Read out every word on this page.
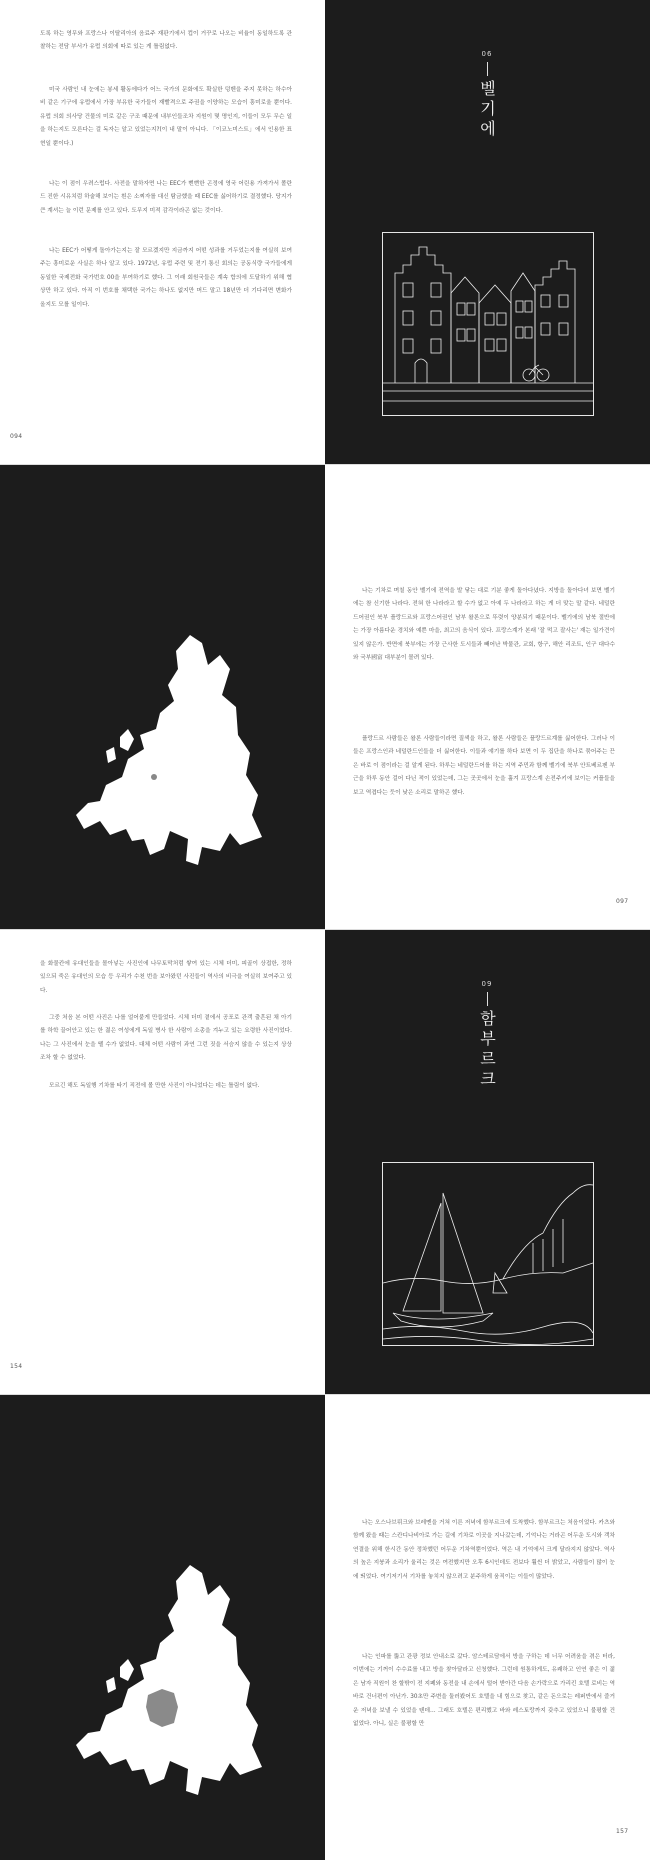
도록 하는 영무와 프랑스나 이탈리아의 음료주 재판기에서 컵이 거꾸로 나오는 비율이 동일하도록 관찰하는 전담 부서가 유럽 의회에 따로 있는 게 틀림없다.
미국 사람인 내 눈에는 봉세 활동에다가 어느 국가의 문화에도 확실한 덩벤을 주지 못하는 하수아비 같은 기구에 유럽에서 가장 부유한 국가들이 재빨격으로 주권을 이양하는 모습이 흥미로울 뿐이다. 유럽 의회 의사당 건물의 미로 같은 구조 때문에 내부인들조차 지원이 몇 명인지, 이들이 모두 무슨 일을 하는지도 모른다는 걸 독자는 알고 있었는지?(이 내 말이 아니다. 「이코노미스트」에서 인용한 표현일 뿐이다.)
나는 이 점이 우려스럽다. 사전을 말하자면 나는 EEC가 뻔뻔한 곤정에 영국 어린용 가져가서 폴란드 진한 시유치럼 하술해 보이는 흰은 소찌자를 대신 탐금했을 때 EEC를 싫어하기로 결정했다. 당지가 큰 계셔는 늘 이런 문제를 안고 있다. 도무지 미적 감각이라곤 없는 것이다.
나는 EEC가 어떻게 돌아가는지는 잘 모르겠지만 지금까지 어떤 성과를 거두었는지를 여실히 보여주는 흥미로운 사실은 하나 알고 있다. 1972년, 유럽 주련 및 전기 통신 회의는 공동식량 국가들에게 동일한 국제전화 국가번호 00을 부여하기로 했다. 그 이래 회원국들은 계속 합의에 도달하기 위해 협상만 하고 있다. 아직 이 번호를 채택한 국가는 하나도 없지만 머드 말고 18년만 더 기다리면 변화가 올지도 모를 일이다.
094
06
벨기에
나는 기차로 며칠 동안 벨기에 전역을 발 닿는 대로 기분 좋게 돌아다녔다. 지방을 돌아다녀 보면 벨기에는 참 신기한 나라다. 전혀 한 나라라고 할 수가 없고 아예 두 나라라고 하는 게 더 맞는 말 같다. 네덜란드어권인 북부 플랑드르와 프랑스어권인 남부 왈론으로 뚜렷이 양분되기 때문이다. 벨기에의 남북 절반에는 가장 아름다운 경치와 예쁜 마을, 최고의 음식이 있다. 프랑스계가 본래 '잘 먹고 잘사는' 재는 일가견이 있지 않은가. 반면에 북부에는 가장 근사한 도시들과 빼어난 박물관, 교회, 항구, 해안 리조트, 인구 대다수와 국부國富 대부분이 몰려 있다.
플랑드르 사람들은 왈론 사람들이라면 질색을 하고, 왈론 사람들은 플랑드르계를 싫어한다. 그러나 이들은 프랑스인과 네덜란드인들을 더 싫어한다. 이들과 얘기를 하다 보면 이 두 집단을 하나로 묶어주는 끈은 바로 이 점이라는 걸 알게 된다. 하루는 네덜란드어를 하는 지역 주민과 함께 벨기에 북부 안트베르펜 부근을 하루 동안 걸어 다닌 적이 있었는데, 그는 곳곳에서 눈을 흘겨 프랑스계 손전주키에 보이는 커플들을 보고 역겹다는 듯이 낮은 소리로 말하곤 했다.
097
을 화물칸에 유대인들을 몰아넣는 사진인에 나무토막처럼 쌓여 있는 시체 더미, 피골이 상접한, 정하 있으되 죽은 유대인의 모습 등 우리가 수천 번을 보아왔던 사진들이 역사의 비극을 여실히 보여주고 있다.
그중 처음 본 어떤 사진은 나를 얼어붙게 만들었다. 시체 더미 곁에서 공포로 관객 출흔된 채 아기를 하학 끌어안고 있는 한 젊은 여성에게 독일 병사 한 사람이 소총을 겨누고 있는 요령한 사진이었다. 나는 그 사진에서 눈을 뗄 수가 없었다. 대체 어떤 사람이 과연 그런 짓을 서슴지 않을 수 있는지 상상조차 할 수 없었다.
모르긴 해도 독일행 기차를 타기 직전에 볼 만한 사진이 아니었다는 데는 틀림이 없다.
154
09
함부르크
나는 오스나브뤼크와 브레멘을 거쳐 이른 저녁에 함부르크에 도착했다. 함부르크는 처음이었다. 카츠와 함께 왔을 때는 스칸디나비아로 가는 길에 기차로 이곳을 지나갔는데, 기억나는 거라곤 어두운 도시와 객차 연결을 위해 한시간 동안 정차했던 어두운 기차역뿐이었다. 역은 내 기억에서 크게 달라지지 않았다. 역사의 높은 지붕과 소리가 울리는 것은 여전했지만 오후 6시인데도 전보다 훨씬 더 밝았고, 사람들이 많이 눈에 띄었다. 여기저기서 기차를 놓치지 않으려고 분주하게 움직이는 이들이 많았다.
나는 인파를 뚫고 관광 정보 안내소로 갔다. 암스테르담에서 방을 구하는 데 너무 어려움을 겪은 터라, 이번에는 기꺼이 수수료를 내고 방을 찾아달라고 신청했다. 그런데 원통하게도, 유쾌하고 인연 좋은 이 젊은 남자 직원이 찬 할밖이 전 지폐와 동전을 내 손에서 털어 받아간 다음 손가락으로 가리킨 호텔 로비는 역 바로 건너편이 아닌가. 30초만 주변을 둘러봤어도 호텔을 내 힘으로 찾고, 같은 돈으로는 레퍼반에서 즐거운 저녁을 보낼 수 있었을 텐데… 그래도 호텔은 편리했고 바와 레스토랑까지 갖추고 있었으니 불평할 건 없었다. 아니, 실은 불평할 만
157
